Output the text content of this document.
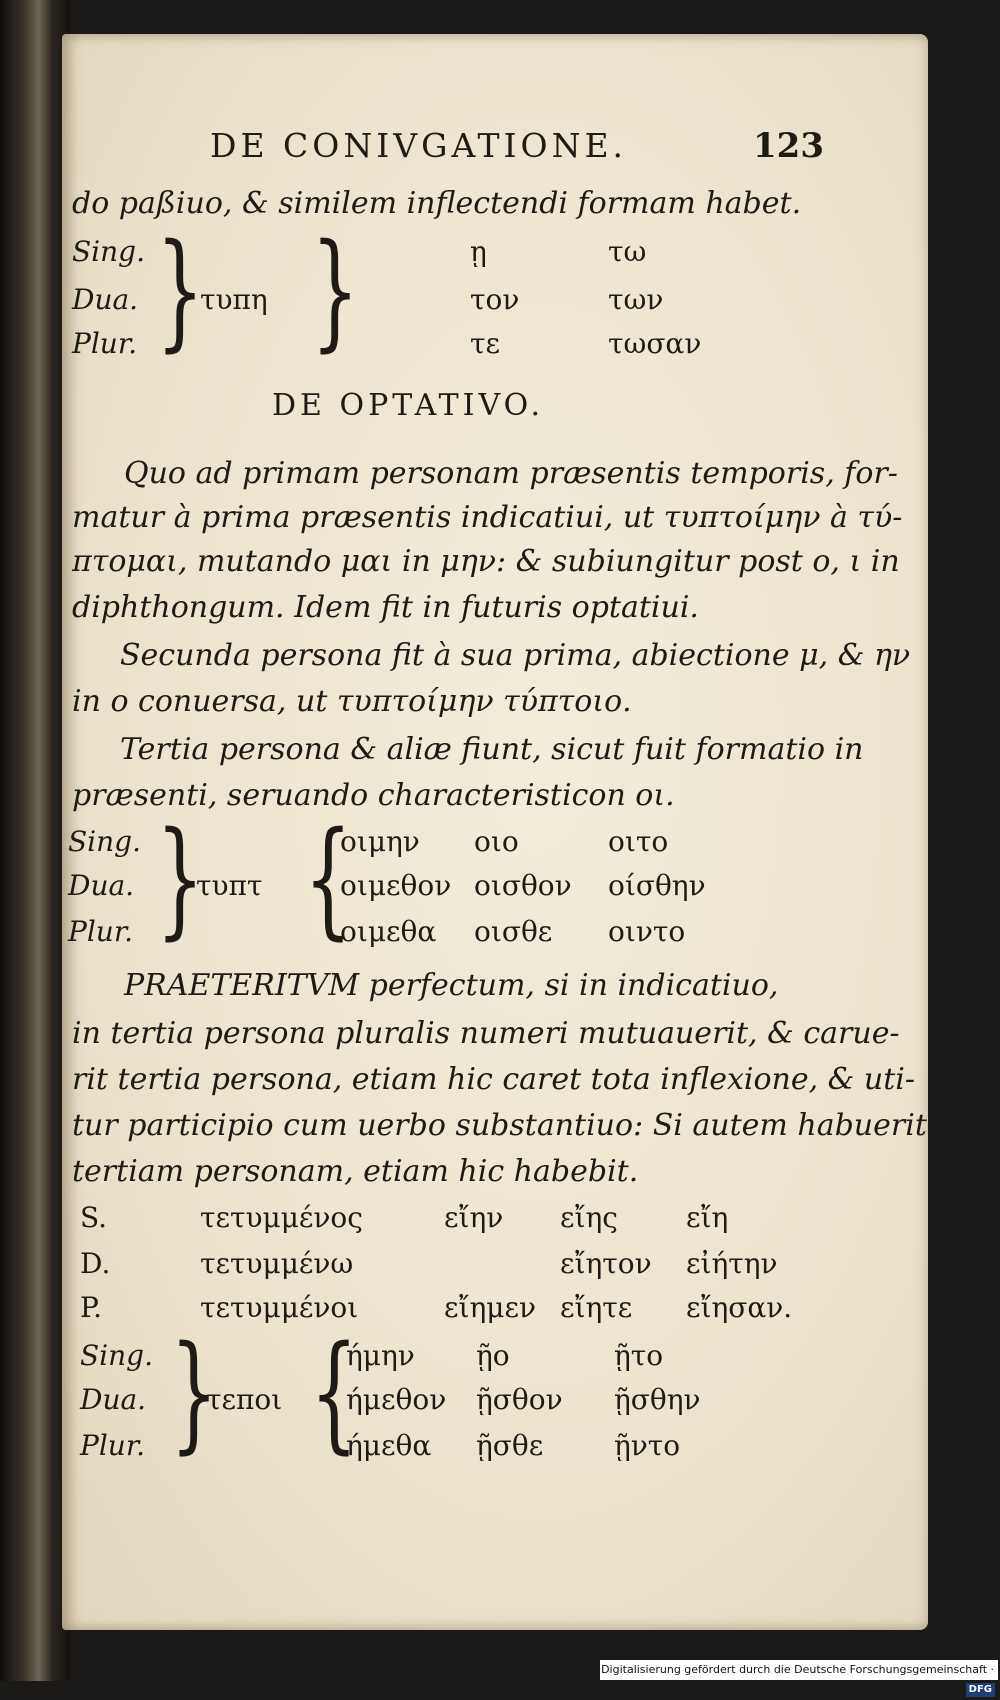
DE CONIVGATIONE.	123
do paßiuo, & similem inflectendi formam habet.
Sing.
Dua.
Plur. }
τυπη }	ῃ
τον
τε
τω
των
τωσαν
DE OPTATIVO.
Quo ad primam personam præsentis temporis, for-
matur à prima præsentis indicatiui, ut τυπτοίμην à τύ-
πτομαι, mutando μαι in μην: & subiungitur post ο, ι in
diphthongum. Idem fit in futuris optatiui.
Secunda persona fit à sua prima, abiectione μ, & ην
in ο conuersa, ut τυπτοίμην τύπτοιο.
Tertia persona & aliæ fiunt, sicut fuit formatio in
præsenti, seruando characteristicon οι.
Sing.
Dua.
Plur. }
τυπτ {
οιμην
οιμεθον
οιμεθα
οιο
οισθον
οισθε
οιτο
οίσθην
οιντο
PRAETERITVM perfectum, si in indicatiuo,
in tertia persona pluralis numeri mutuauerit, & carue-
rit tertia persona, etiam hic caret tota inflexione, & uti-
tur participio cum uerbo substantiuo: Si autem habuerit
tertiam personam, etiam hic habebit.
S.
D.
P.
τετυμμένος
τετυμμένω
τετυμμένοι
εἴην
εἴημεν
εἴης
εἴητον
εἴητε
εἴη
εἰήτην
εἴησαν.
Sing.
Dua.
Plur. }
τεποι {
ήμην
ήμεθον
ήμεθα
ῇο
ῇσθον
ῇσθε
ῇτο
ῇσθην
ῇντο
Digitalisierung gefördert durch die Deutsche Forschungsgemeinschaft ·DFG
